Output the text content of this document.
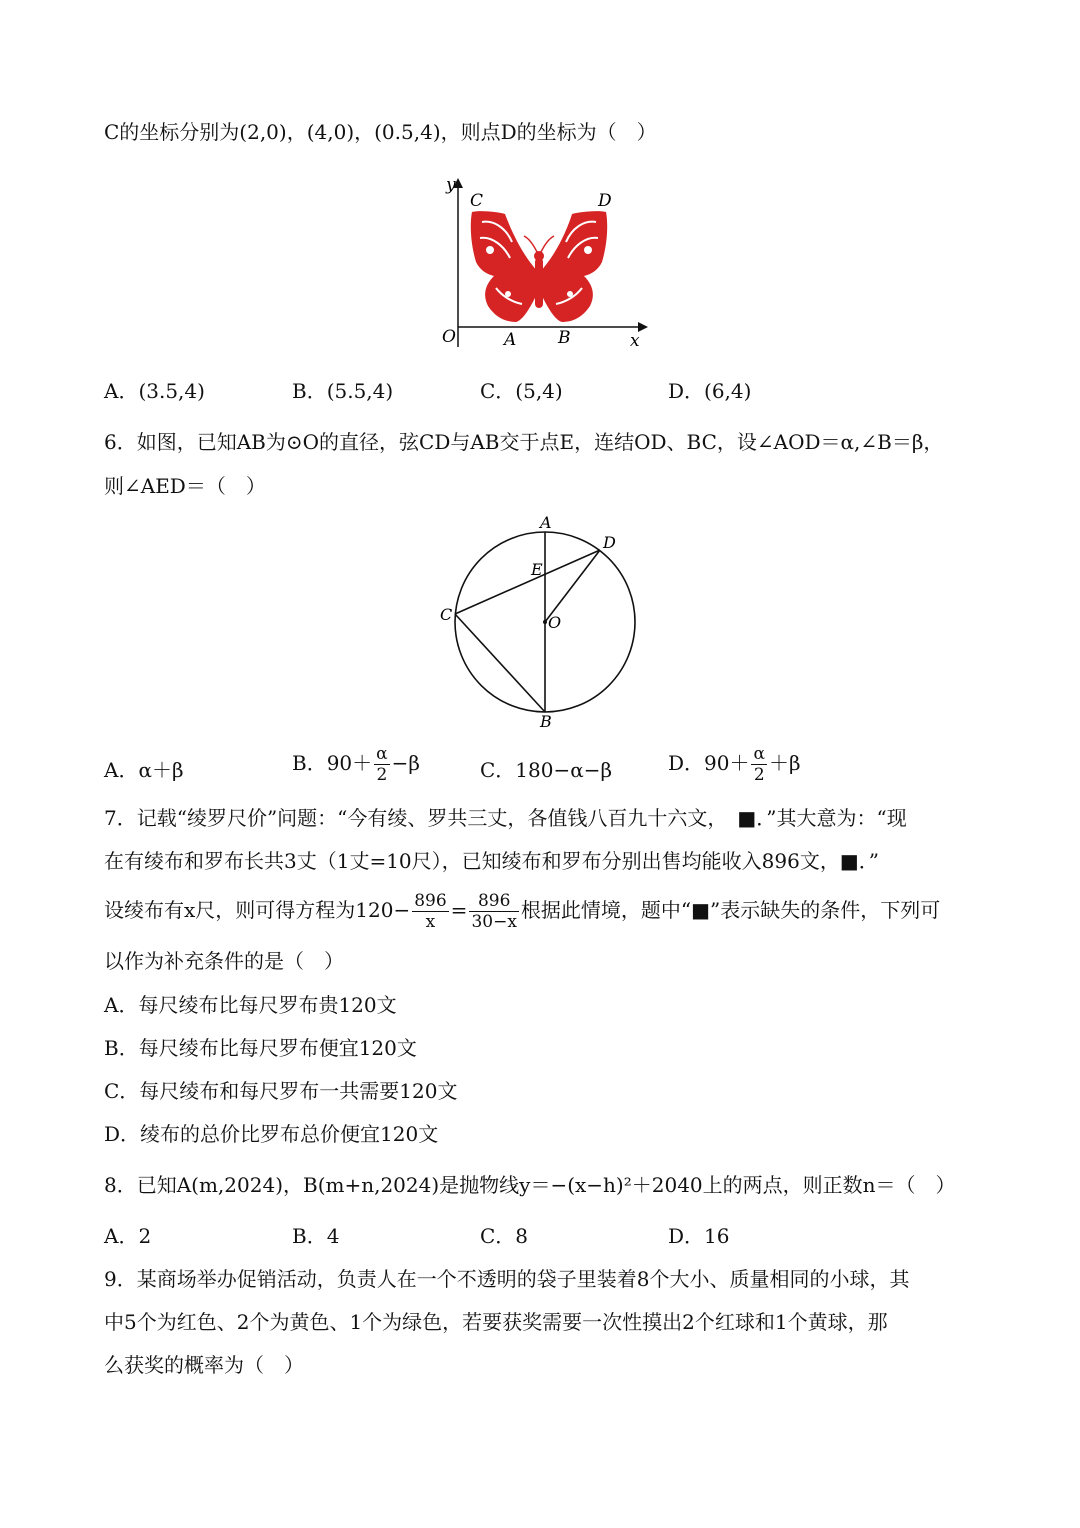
C的坐标分别为(2,0)，(4,0)，(0.5,4)，则点D的坐标为（　）
y
x
O	A B
C	D
A．(3.5,4)	B．(5.5,4)	C．(5,4)	D．(6,4)
6．如图，已知AB为⊙O的直径，弦CD与AB交于点E，连结OD、BC，设∠AOD＝α,∠B＝β，
则∠AED＝（　）
A
B
C
D
E
O
A．α＋β	B．$90+ \frac{\alpha}{2} -\beta$	C．180−α−β	D．$90+ \frac{\alpha}{2} +\beta$
7．记载“绫罗尺价”问题：“今有绫、罗共三丈，各值钱八百九十六文，　■．”其大意为：“现
在有绫布和罗布长共3丈（1丈=10尺），已知绫布和罗布分别出售均能收入896文，■．”
设绫布有x尺，则可得方程为$120- \frac{896}{x} = \frac{896}{30-x}$ 根据此情境，题中“■”表示缺失的条件，下列可
以作为补充条件的是（　）
A．每尺绫布比每尺罗布贵120文
B．每尺绫布比每尺罗布便宜120文
C．每尺绫布和每尺罗布一共需要120文
D．绫布的总价比罗布总价便宜120文
8．已知A(m,2024)，B(m+n,2024)是抛物线y＝−(x−h)²＋2040上的两点，则正数n＝（　）
A．2	B．4	C．8	D．16
9．某商场举办促销活动，负责人在一个不透明的袋子里装着8个大小、质量相同的小球，其
中5个为红色、2个为黄色、1个为绿色，若要获奖需要一次性摸出2个红球和1个黄球，那
么获奖的概率为（　）
